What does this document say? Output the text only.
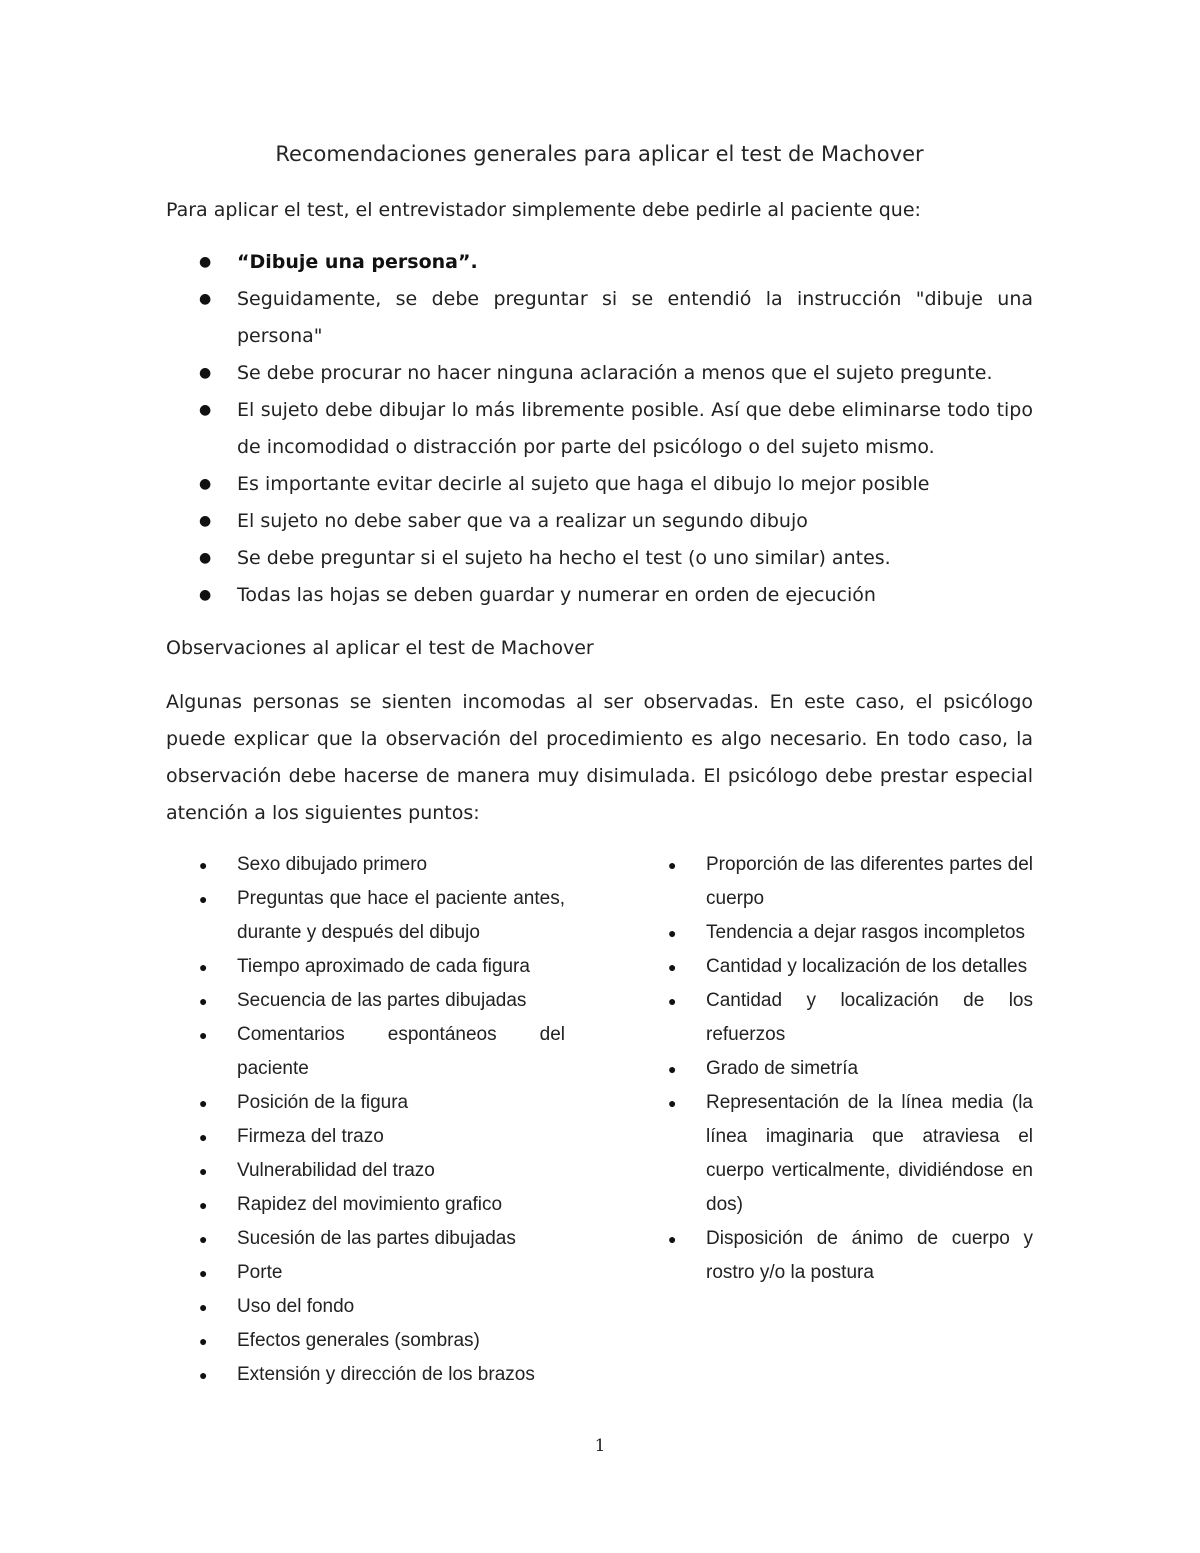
Recomendaciones generales para aplicar el test de Machover
Para aplicar el test, el entrevistador simplemente debe pedirle al paciente que:
● “Dibuje una persona”.
● Seguidamente, se debe preguntar si se entendió la instrucción "dibuje una persona"
● Se debe procurar no hacer ninguna aclaración a menos que el sujeto pregunte.
● El sujeto debe dibujar lo más libremente posible. Así que debe eliminarse todo tipo de incomodidad o distracción por parte del psicólogo o del sujeto mismo.
● Es importante evitar decirle al sujeto que haga el dibujo lo mejor posible
● El sujeto no debe saber que va a realizar un segundo dibujo
● Se debe preguntar si el sujeto ha hecho el test (o uno similar) antes.
● Todas las hojas se deben guardar y numerar en orden de ejecución
Observaciones al aplicar el test de Machover

Algunas personas se sienten incomodas al ser observadas. En este caso, el psicólogo puede explicar que la observación del procedimiento es algo necesario. En todo caso, la observación debe hacerse de manera muy disimulada. El psicólogo debe prestar especial atención a los siguientes puntos:

● Sexo dibujado primero
● Preguntas que hace el paciente antes, durante y después del dibujo
● Tiempo aproximado de cada figura
● Secuencia de las partes dibujadas
● Comentarios espontáneos del paciente
● Posición de la figura
● Firmeza del trazo
● Vulnerabilidad del trazo
● Rapidez del movimiento grafico
● Sucesión de las partes dibujadas
● Porte
● Uso del fondo
● Efectos generales (sombras)
● Extensión y dirección de los brazos
● Proporción de las diferentes partes del cuerpo
● Tendencia a dejar rasgos incompletos
● Cantidad y localización de los detalles
● Cantidad y localización de los refuerzos
● Grado de simetría
● Representación de la línea media (la línea imaginaria que atraviesa el cuerpo verticalmente, dividiéndose en dos)
● Disposición de ánimo de cuerpo y rostro y/o la postura
1
